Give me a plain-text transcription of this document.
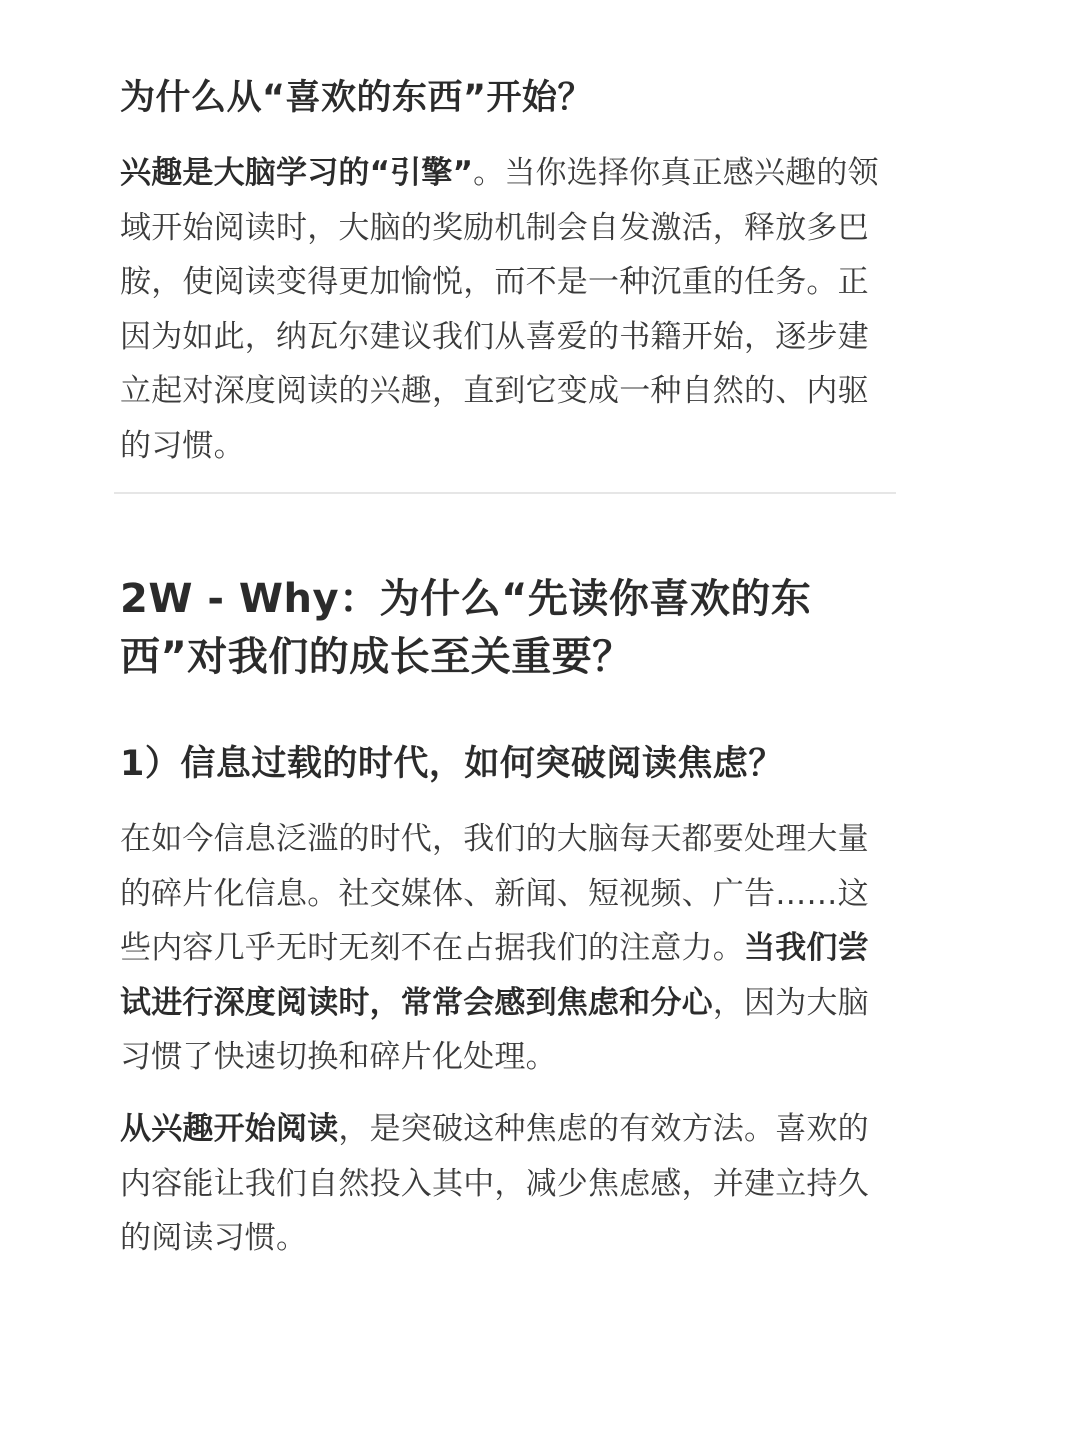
为什么从“喜欢的东西”开始？

兴趣是大脑学习的“引擎”。当你选择你真正感兴趣的领域开始阅读时，大脑的奖励机制会自发激活，释放多巴胺，使阅读变得更加愉悦，而不是一种沉重的任务。正因为如此，纳瓦尔建议我们从喜爱的书籍开始，逐步建立起对深度阅读的兴趣，直到它变成一种自然的、内驱的习惯。

2W - Why：为什么“先读你喜欢的东西”对我们的成长至关重要？
1）信息过载的时代，如何突破阅读焦虑？

在如今信息泛滥的时代，我们的大脑每天都要处理大量的碎片化信息。社交媒体、新闻、短视频、广告……这些内容几乎无时无刻不在占据我们的注意力。当我们尝试进行深度阅读时，常常会感到焦虑和分心，因为大脑习惯了快速切换和碎片化处理。

从兴趣开始阅读，是突破这种焦虑的有效方法。喜欢的内容能让我们自然投入其中，减少焦虑感，并建立持久的阅读习惯。
